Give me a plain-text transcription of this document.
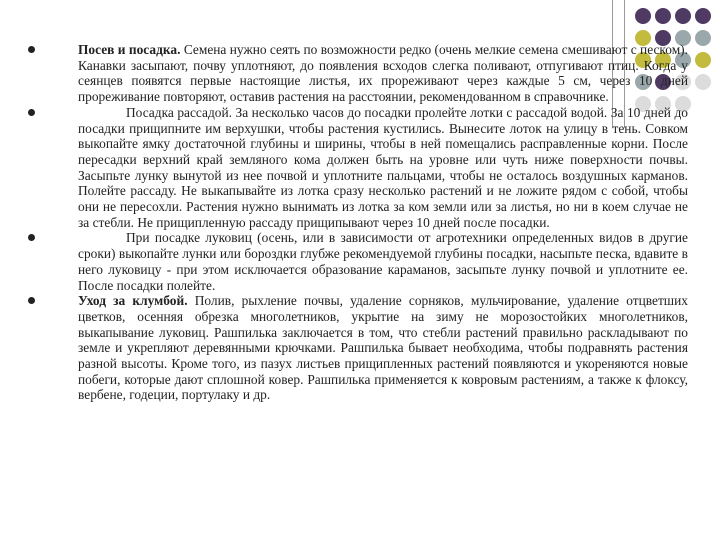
Посев и посадка. Семена нужно сеять по возможности редко (очень мелкие семена смешивают с песком). Канавки засыпают, почву уплотняют, до появления всходов слегка поливают, отпугивают птиц. Когда у сеянцев появятся первые настоящие листья, их прореживают через каждые 5 см, через 10 дней прореживание повторяют, оставив растения на расстоянии, рекомендованном в справочнике.

Посадка рассадой. За несколько часов до посадки пролейте лотки с рассадой водой. За 10 дней до посадки прищипните им верхушки, чтобы растения кустились. Вынесите лоток на улицу в тень. Совком выкопайте ямку достаточной глубины и ширины, чтобы в ней помещались расправленные корни. После пересадки верхний край земляного кома должен быть на уровне или чуть ниже поверхности почвы. Засыпьте лунку вынутой из нее почвой и уплотните пальцами, чтобы не осталось воздушных карманов. Полейте рассаду. Не выкапывайте из лотка сразу несколько растений и не ложите рядом с собой, чтобы они не пересохли. Растения нужно вынимать из лотка за ком земли или за листья, но ни в коем случае не за стебли. Не прищипленную рассаду прищипывают через 10 дней после посадки.

При посадке луковиц (осень, или в зависимости от агротехники определенных видов в другие сроки) выкопайте лунки или бороздки глубже рекомендуемой глубины посадки, насыпьте песка, вдавите в него луковицу - при этом исключается образование караманов, засыпьте лунку почвой и уплотните ее. После посадки полейте.

Уход за клумбой. Полив, рыхление почвы, удаление сорняков, мульчирование, удаление отцветших цветков, осенняя обрезка многолетников, укрытие на зиму не морозостойких многолетников, выкапывание луковиц. Рашпилька заключается в том, что стебли растений правильно раскладывают по земле и укрепляют деревянными крючками. Рашпилька бывает необходима, чтобы подравнять растения разной высоты. Кроме того, из пазух листьев прищипленных растений появляются и укореняются новые побеги, которые дают сплошной ковер. Рашпилька применяется к ковровым растениям, а также к флоксу, вербене, годеции, портулаку и др.
